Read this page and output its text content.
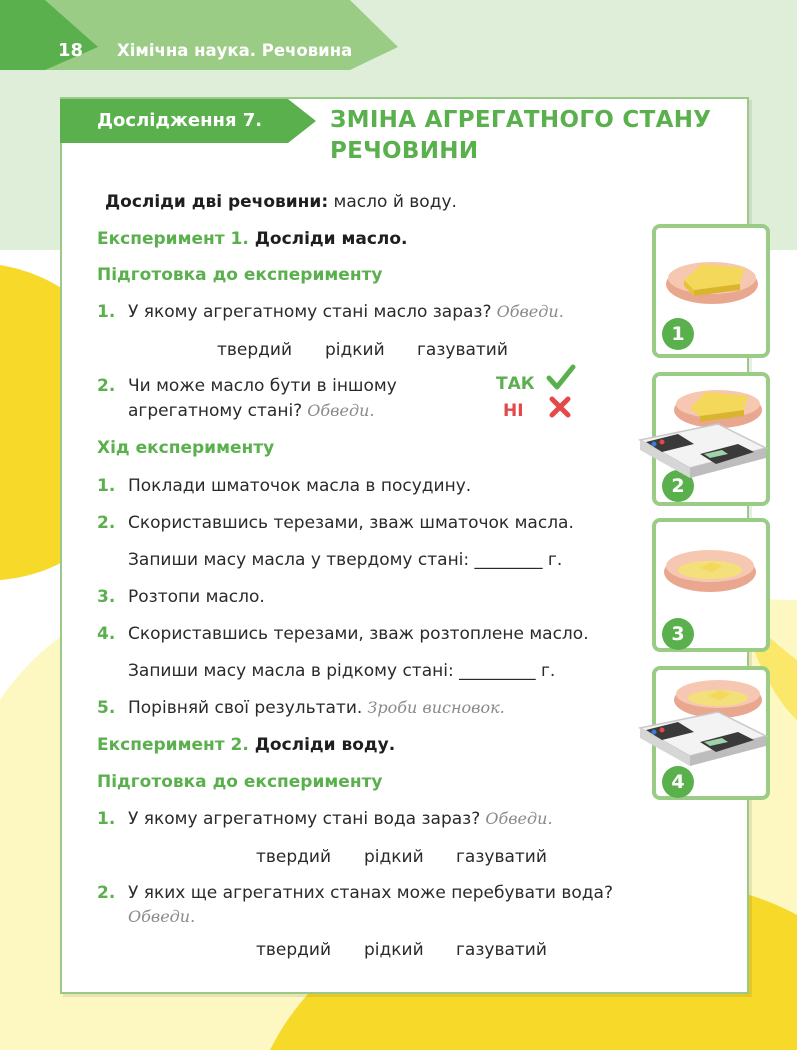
18 Хімічна наука. Речовина
Дослідження 7.	ЗМІНА АГРЕГАТНОГО СТАНУ
РЕЧОВИНИ
Досліди дві речовини: масло й воду.
Експеримент 1. Досліди масло.
Підготовка до експерименту
1. У якому агрегатному стані масло зараз? Обведи.
твердий рідкий газуватий
2. Чи може масло бути в іншому
агрегатному стані? Обведи.
ТАК
НІ
Хід експерименту
1. Поклади шматочок масла в посудину.
2. Скориставшись терезами, зваж шматочок масла.
Запиши масу масла у твердому стані: ________ г.
3. Розтопи масло.
4. Скориставшись терезами, зваж розтоплене масло.
Запиши масу масла в рідкому стані: _________ г.
5. Порівняй свої результати. Зроби висновок.
Експеримент 2. Досліди воду.
Підготовка до експерименту
1. У якому агрегатному стані вода зараз? Обведи.
твердий рідкий газуватий
2. У яких ще агрегатних станах може перебувати вода?
Обведи.
твердий рідкий газуватий
1
2
3
4
